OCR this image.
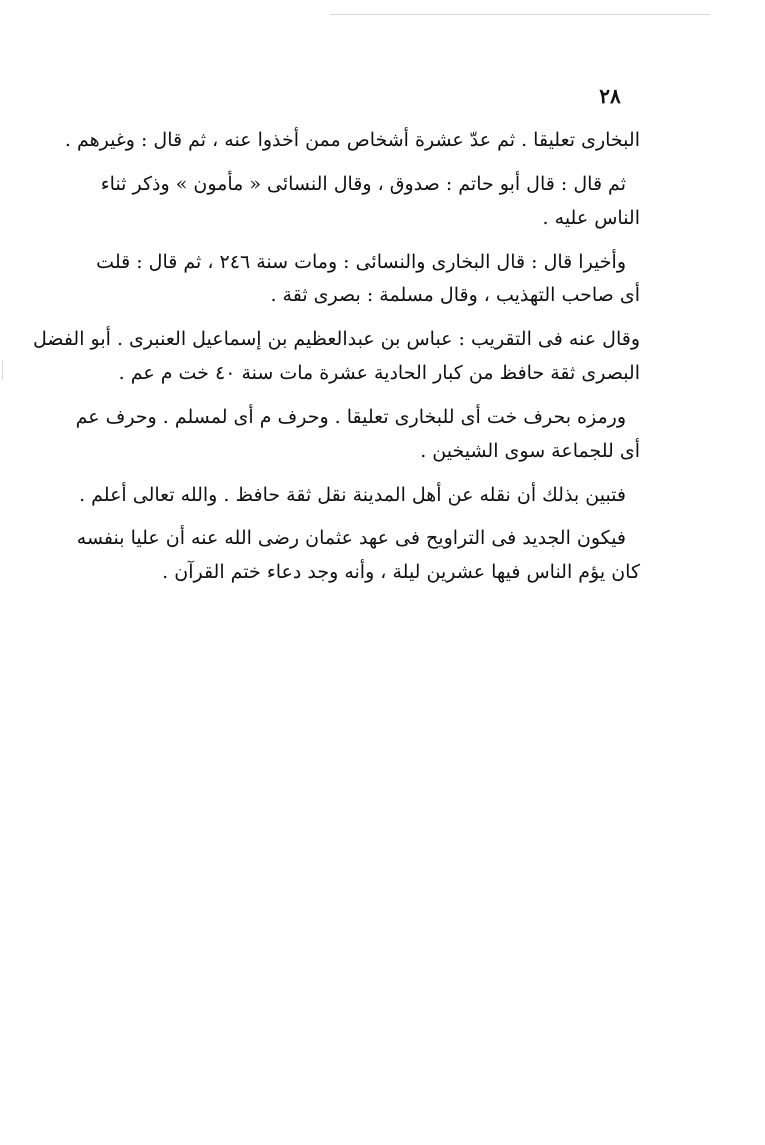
٢٨
البخارى تعليقا . ثم عدّ عشرة أشخاص ممن أخذوا عنه ، ثم قال : وغيرهم .
ثم قال : قال أبو حاتم : صدوق ، وقال النسائى « مأمون » وذكر ثناء
الناس عليه .
وأخيرا قال : قال البخارى والنسائى : ومات سنة ٢٤٦ ، ثم قال : قلت
أى صاحب التهذيب ، وقال مسلمة : بصرى ثقة .
وقال عنه فى التقريب : عباس بن عبدالعظيم بن إسماعيل العنبرى . أبو الفضل
البصرى ثقة حافظ من كبار الحادية عشرة مات سنة ٤٠ خت م عم .
ورمزه بحرف خت أى للبخارى تعليقا . وحرف م أى لمسلم . وحرف عم
أى للجماعة سوى الشيخين .
فتبين بذلك أن نقله عن أهل المدينة نقل ثقة حافظ . والله تعالى أعلم .
فيكون الجديد فى التراويح فى عهد عثمان رضى الله عنه أن عليا بنفسه
كان يؤم الناس فيها عشرين ليلة ، وأنه وجد دعاء ختم القرآن .
